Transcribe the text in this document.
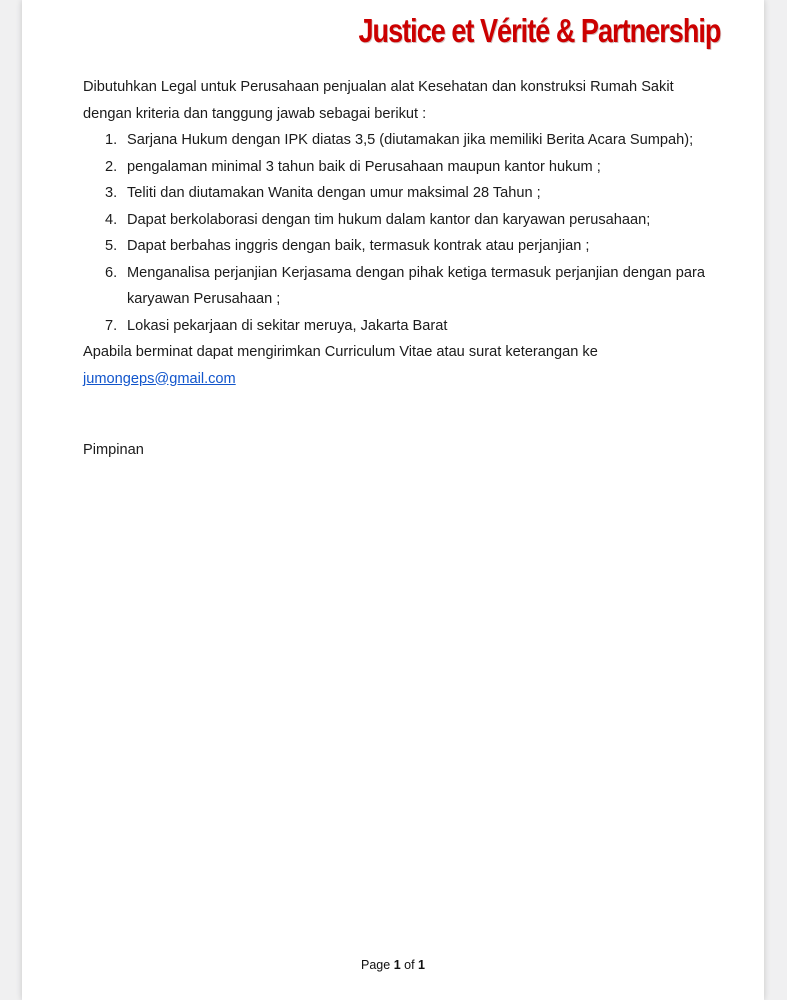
Justice et Vérité & Partnership

Dibutuhkan Legal untuk Perusahaan penjualan alat Kesehatan dan konstruksi Rumah Sakit

dengan kriteria dan tanggung jawab sebagai berikut :

1. Sarjana Hukum dengan IPK diatas 3,5 (diutamakan jika memiliki Berita Acara Sumpah);
2. pengalaman minimal 3 tahun baik di Perusahaan maupun kantor hukum ;
3. Teliti dan diutamakan Wanita dengan umur maksimal 28 Tahun ;
4. Dapat berkolaborasi dengan tim hukum dalam kantor dan karyawan perusahaan;
5. Dapat berbahas inggris dengan baik, termasuk kontrak atau perjanjian ;
6. Menganalisa perjanjian Kerjasama dengan pihak ketiga termasuk perjanjian dengan para karyawan Perusahaan ;
7. Lokasi pekarjaan di sekitar meruya, Jakarta Barat

Apabila berminat dapat mengirimkan Curriculum Vitae atau surat keterangan ke
jumongeps@gmail.com

Pimpinan
Page 1 of 1
